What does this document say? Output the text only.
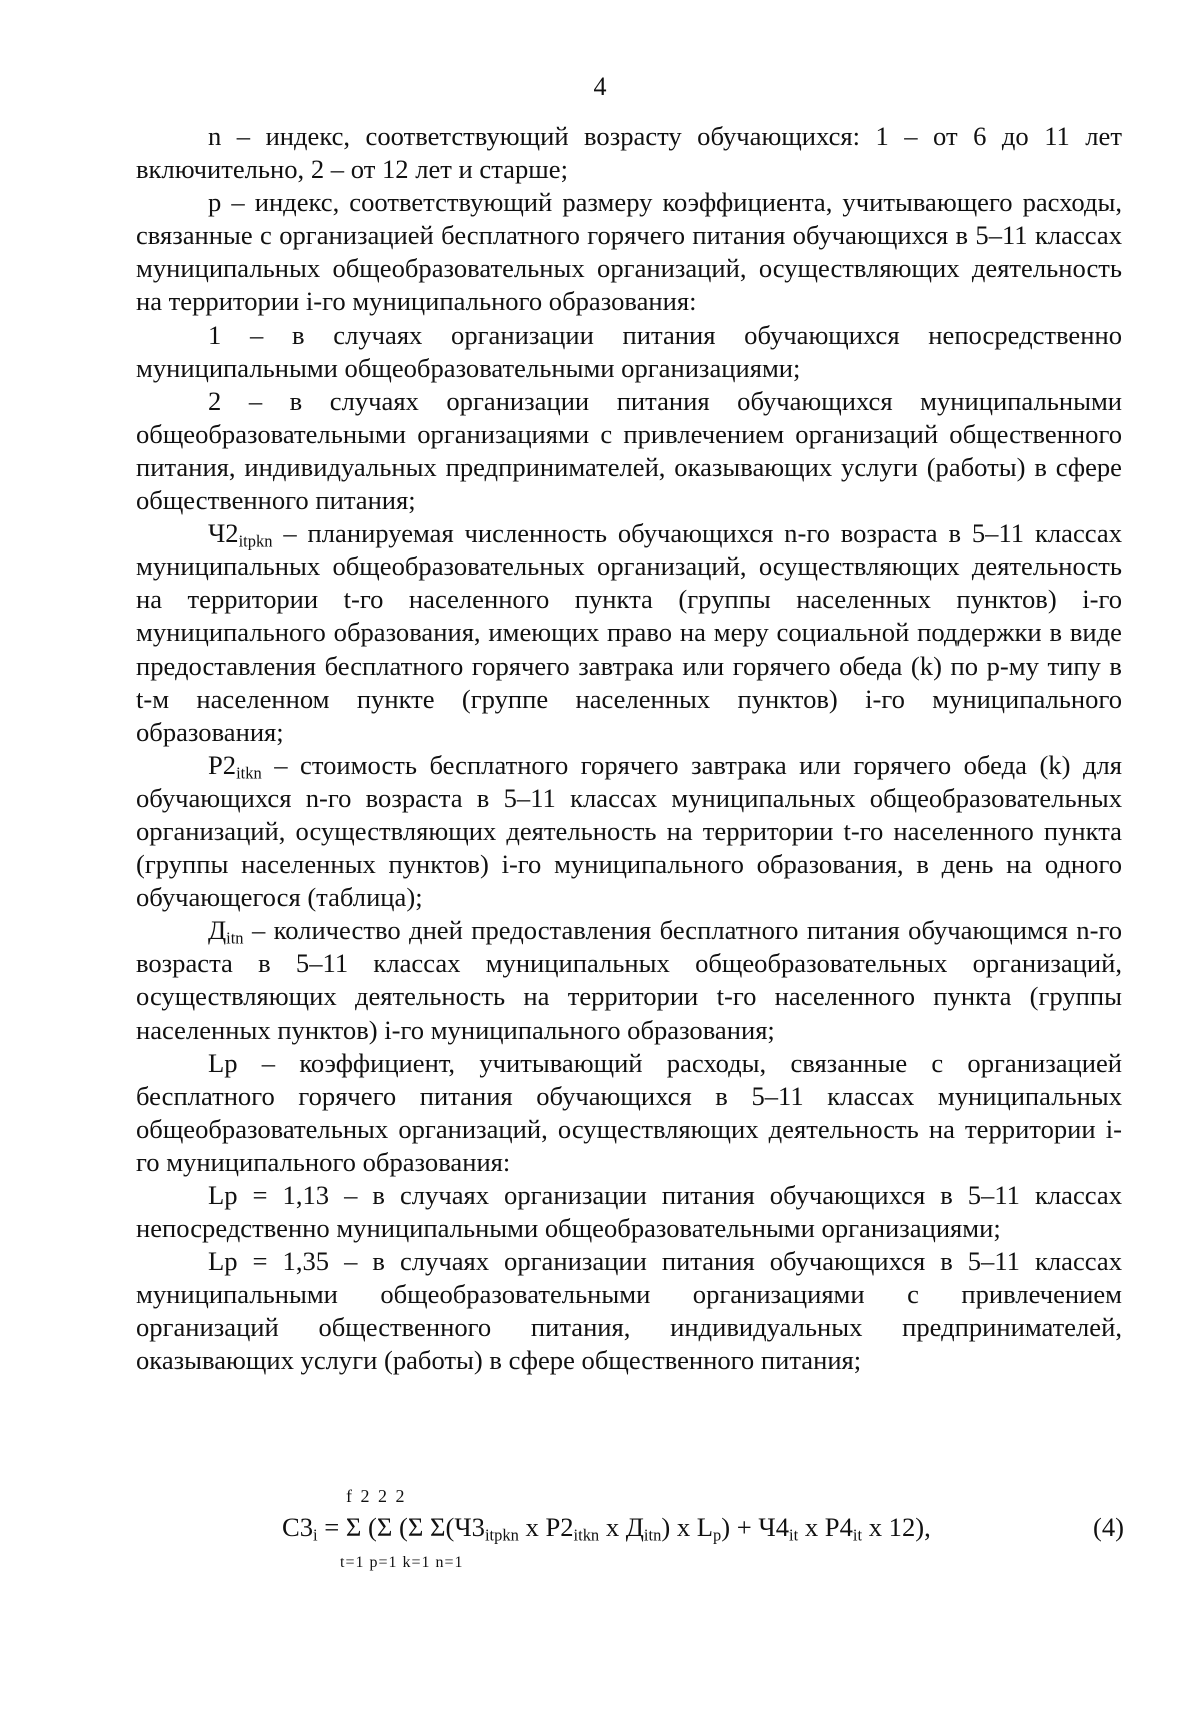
4

n – индекс, соответствующий возрасту обучающихся: 1 – от 6 до 11 лет включительно, 2 – от 12 лет и старше;

p – индекс, соответствующий размеру коэффициента, учитывающего расходы, связанные с организацией бесплатного горячего питания обучающихся в 5–11 классах муниципальных общеобразовательных организаций, осуществляющих деятельность на территории i-го муниципального образования:

1 – в случаях организации питания обучающихся непосредственно муниципальными общеобразовательными организациями;

2 – в случаях организации питания обучающихся муниципальными общеобразовательными организациями с привлечением организаций общественного питания, индивидуальных предпринимателей, оказывающих услуги (работы) в сфере общественного питания;

$Ч2_{itpkn}$ – планируемая численность обучающихся n-го возраста в 5–11 классах муниципальных общеобразовательных организаций, осуществляющих деятельность на территории t-го населенного пункта (группы населенных пунктов) i-го муниципального образования, имеющих право на меру социальной поддержки в виде предоставления бесплатного горячего завтрака или горячего обеда (k) по p-му типу в t-м населенном пункте (группе населенных пунктов) i-го муниципального образования;

$P2_{itkn}$ – стоимость бесплатного горячего завтрака или горячего обеда (k) для обучающихся n-го возраста в 5–11 классах муниципальных общеобразовательных организаций, осуществляющих деятельность на территории t-го населенного пункта (группы населенных пунктов) i-го муниципального образования, в день на одного обучающегося (таблица);

$Д_{itn}$ – количество дней предоставления бесплатного питания обучающимся n-го возраста в 5–11 классах муниципальных общеобразовательных организаций, осуществляющих деятельность на территории t-го населенного пункта (группы населенных пунктов) i-го муниципального образования;

Lp – коэффициент, учитывающий расходы, связанные с организацией бесплатного горячего питания обучающихся в 5–11 классах муниципальных общеобразовательных организаций, осуществляющих деятельность на территории i-го муниципального образования:

Lp = 1,13 – в случаях организации питания обучающихся в 5–11 классах непосредственно муниципальными общеобразовательными организациями;

Lp = 1,35 – в случаях организации питания обучающихся в 5–11 классах муниципальными общеобразовательными организациями с привлечением организаций общественного питания, индивидуальных предпринимателей, оказывающих услуги (работы) в сфере общественного питания;

f 2 2 2
$С3_i = \Sigma$ (Σ (Σ $\Sigma(Ч3_{itpkn}$ х $P2_{itkn}$ х $Д_{itn}$) х $L_p) + Ч4_{it}$ х $P4_{it}$ х 12),
t=1 p=1 k=1 n=1
(4)
